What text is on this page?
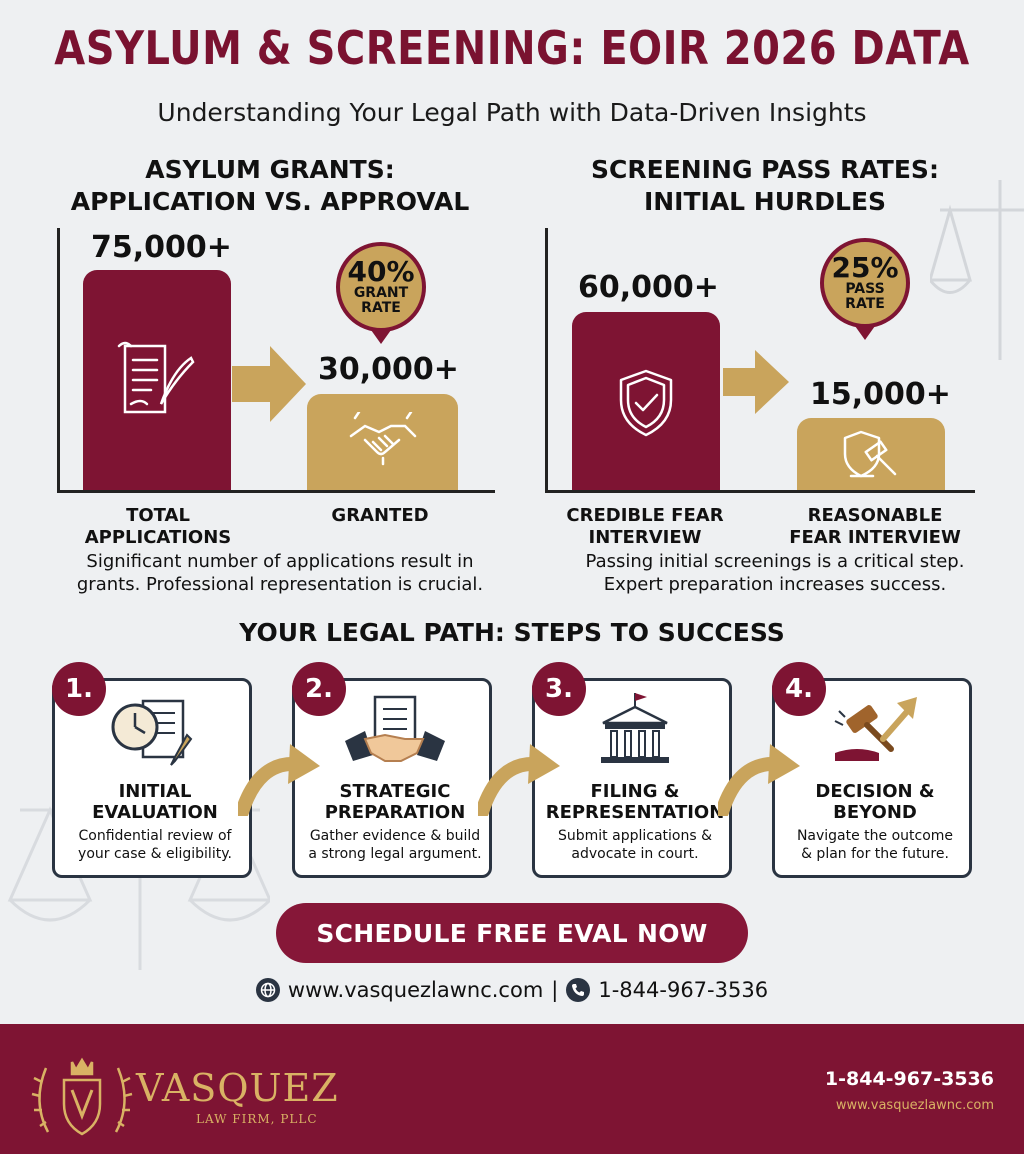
ASYLUM & SCREENING: EOIR 2026 DATA
Understanding Your Legal Path with Data-Driven Insights
ASYLUM GRANTS:
APPLICATION VS. APPROVAL
75,000+
40%
GRANT
RATE
30,000+
TOTAL
APPLICATIONS
GRANTED
Significant number of applications result in
grants. Professional representation is crucial.
SCREENING PASS RATES:
INITIAL HURDLES
60,000+
25%
PASS
RATE
15,000+
CREDIBLE FEAR
INTERVIEW
REASONABLE
FEAR INTERVIEW
Passing initial screenings is a critical step.
Expert preparation increases success.
YOUR LEGAL PATH: STEPS TO SUCCESS
INITIAL
EVALUATION
Confidential review of
your case & eligibility.
1.
STRATEGIC
PREPARATION
Gather evidence & build
a strong legal argument.
2.
FILING &
REPRESENTATION
Submit applications &
advocate in court.
3.
DECISION &
BEYOND
Navigate the outcome
& plan for the future.
4.
SCHEDULE FREE EVAL NOW
www.vasquezlawnc.com | 1-844-967-3536
VASQUEZ
LAW FIRM, PLLC
1-844-967-3536
www.vasquezlawnc.com
